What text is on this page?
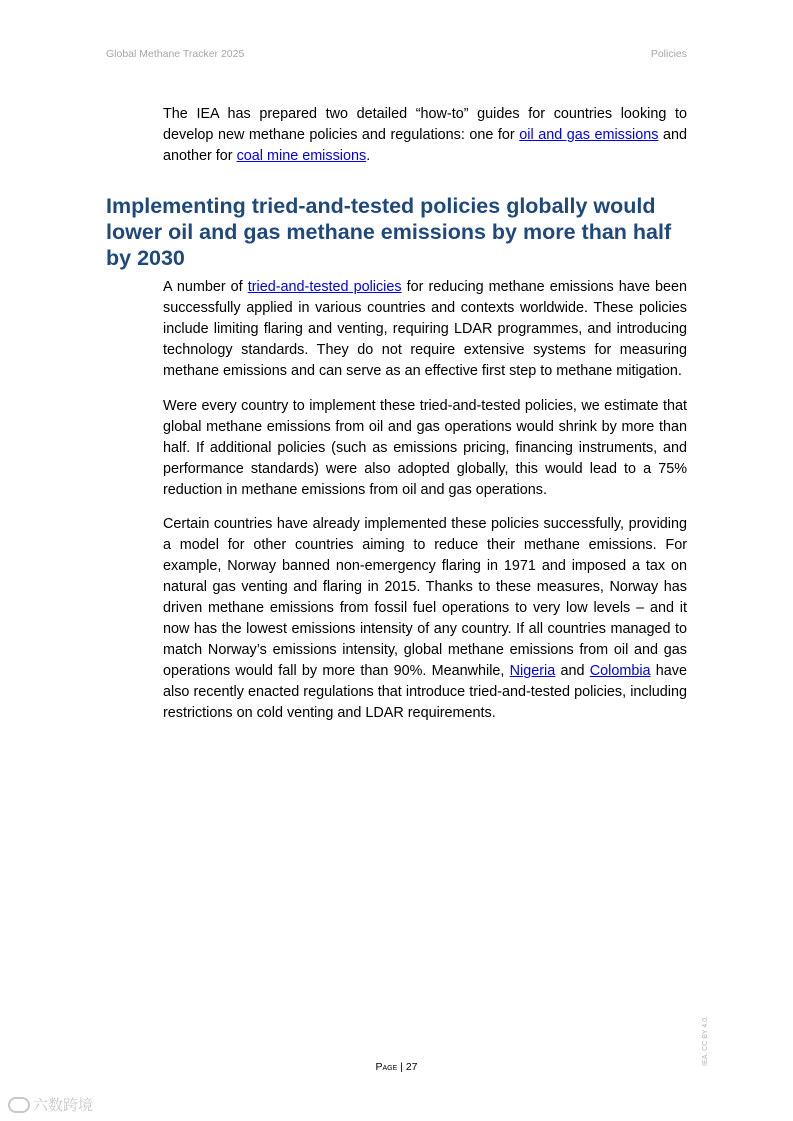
Global Methane Tracker 2025	Policies

The IEA has prepared two detailed “how-to” guides for countries looking to develop new methane policies and regulations: one for oil and gas emissions and another for coal mine emissions.

Implementing tried-and-tested policies globally would lower oil and gas methane emissions by more than half by 2030

A number of tried-and-tested policies for reducing methane emissions have been successfully applied in various countries and contexts worldwide. These policies include limiting flaring and venting, requiring LDAR programmes, and introducing technology standards. They do not require extensive systems for measuring methane emissions and can serve as an effective first step to methane mitigation.

Were every country to implement these tried-and-tested policies, we estimate that global methane emissions from oil and gas operations would shrink by more than half. If additional policies (such as emissions pricing, financing instruments, and performance standards) were also adopted globally, this would lead to a 75% reduction in methane emissions from oil and gas operations.

Certain countries have already implemented these policies successfully, providing a model for other countries aiming to reduce their methane emissions. For example, Norway banned non-emergency flaring in 1971 and imposed a tax on natural gas venting and flaring in 2015. Thanks to these measures, Norway has driven methane emissions from fossil fuel operations to very low levels – and it now has the lowest emissions intensity of any country. If all countries managed to match Norway’s emissions intensity, global methane emissions from oil and gas operations would fall by more than 90%. Meanwhile, Nigeria and Colombia have also recently enacted regulations that introduce tried-and-tested policies, including restrictions on cold venting and LDAR requirements.

Page | 27
IEA. CC BY 4.0.
六数跨境
